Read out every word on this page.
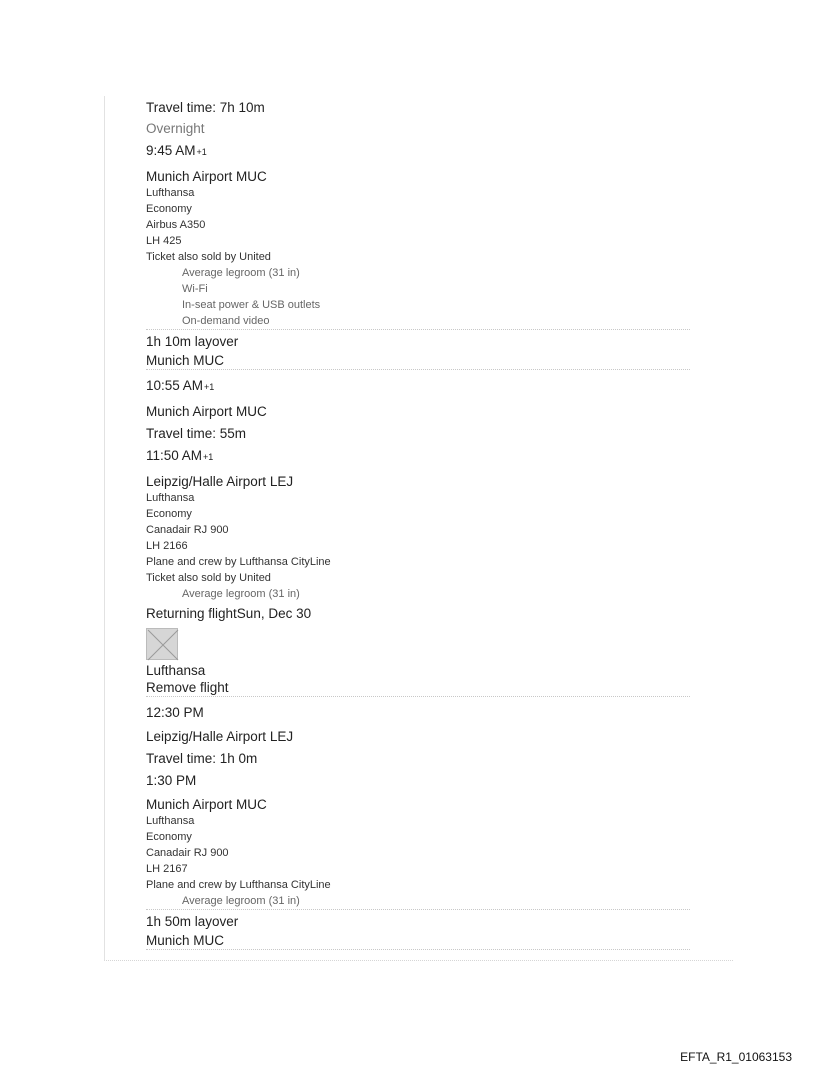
Travel time: 7h 10m
Overnight
9:45 AM+1
Munich Airport MUC
Lufthansa
Economy
Airbus A350
LH 425
Ticket also sold by United
Average legroom (31 in)
Wi-Fi
In-seat power & USB outlets
On-demand video
1h 10m layover
Munich MUC
10:55 AM+1
Munich Airport MUC
Travel time: 55m
11:50 AM+1
Leipzig/Halle Airport LEJ
Lufthansa
Economy
Canadair RJ 900
LH 2166
Plane and crew by Lufthansa CityLine
Ticket also sold by United
Average legroom (31 in)
Returning flightSun, Dec 30
Lufthansa
Remove flight
12:30 PM
Leipzig/Halle Airport LEJ
Travel time: 1h 0m
1:30 PM
Munich Airport MUC
Lufthansa
Economy
Canadair RJ 900
LH 2167
Plane and crew by Lufthansa CityLine
Average legroom (31 in)
1h 50m layover
Munich MUC
EFTA_R1_01063153
